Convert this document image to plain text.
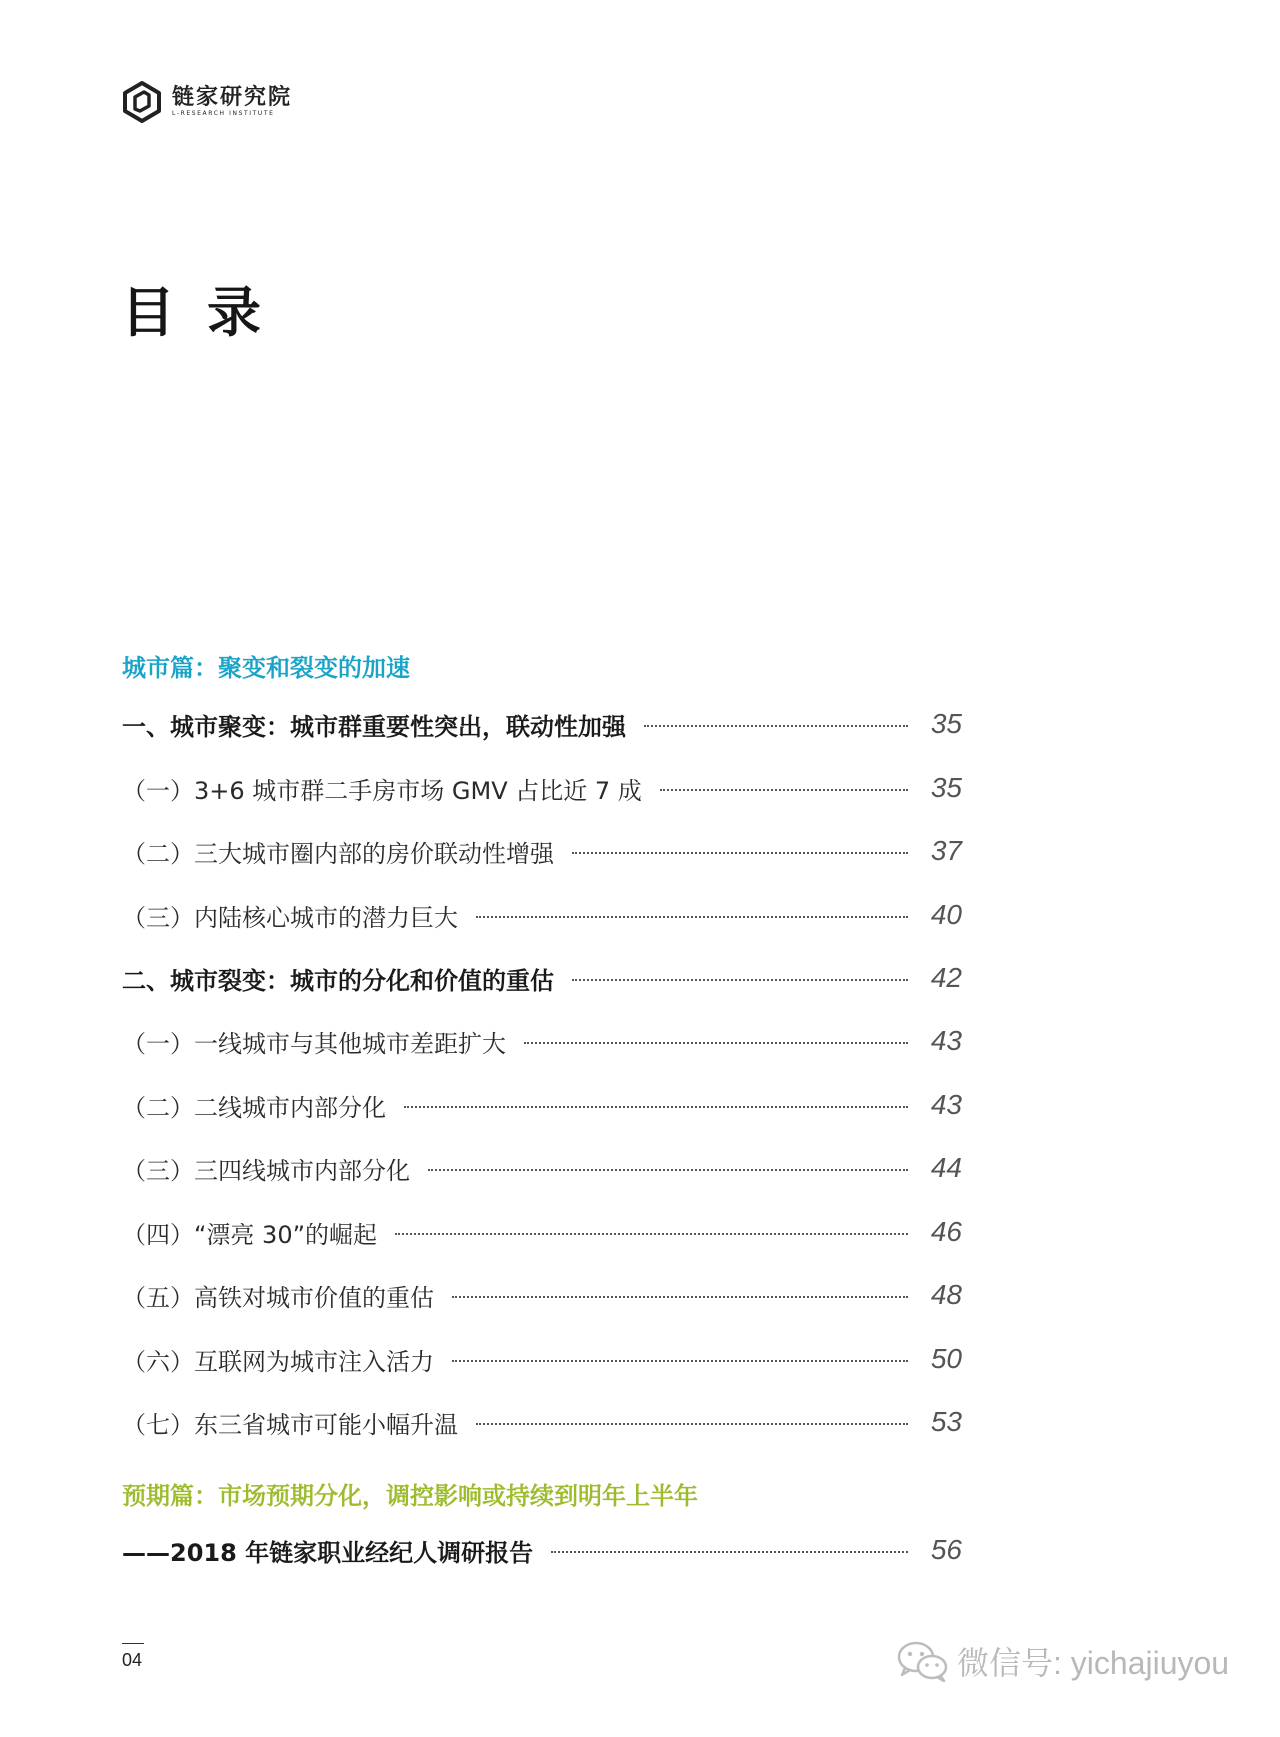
链家研究院
L-RESEARCH INSTITUTE
目录
城市篇：聚变和裂变的加速
一、城市聚变：城市群重要性突出，联动性加强	35
（一）3+6 城市群二手房市场 GMV 占比近 7 成	35
（二）三大城市圈内部的房价联动性增强	37
（三）内陆核心城市的潜力巨大	40
二、城市裂变：城市的分化和价值的重估	42
（一）一线城市与其他城市差距扩大	43
（二）二线城市内部分化	43
（三）三四线城市内部分化	44
（四）“漂亮 30”的崛起	46
（五）高铁对城市价值的重估	48
（六）互联网为城市注入活力	50
（七）东三省城市可能小幅升温	53
预期篇：市场预期分化，调控影响或持续到明年上半年
——2018 年链家职业经纪人调研报告	56
04	微信号: yichajiuyou
